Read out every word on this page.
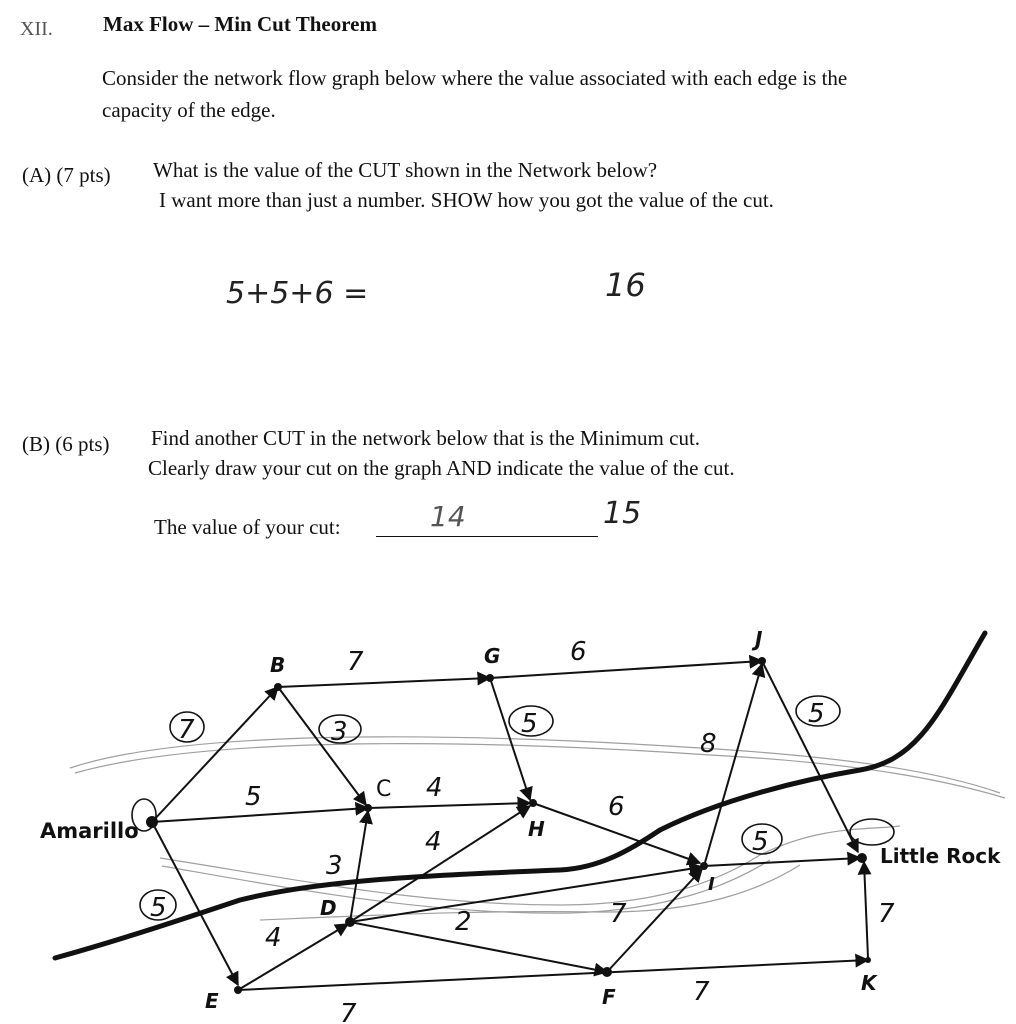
XII. Max Flow – Min Cut Theorem
Consider the network flow graph below where the value associated with each edge is the capacity of the edge.
(A) (7 pts) What is the value of the CUT shown in the Network below?
I want more than just a number. SHOW how you got the value of the cut.
5+5+6 =	16
(B) (6 pts) Find another CUT in the network below that is the Minimum cut.
Clearly draw your cut on the graph AND indicate the value of the cut.
The value of your cut:	14	15
Amarillo
B
C
D
E	F
G
H
I
J
K
Little Rock
7
5
5
7
3
4
3
4
2	7
4
7
6
5
6
8
5
5
7
7
